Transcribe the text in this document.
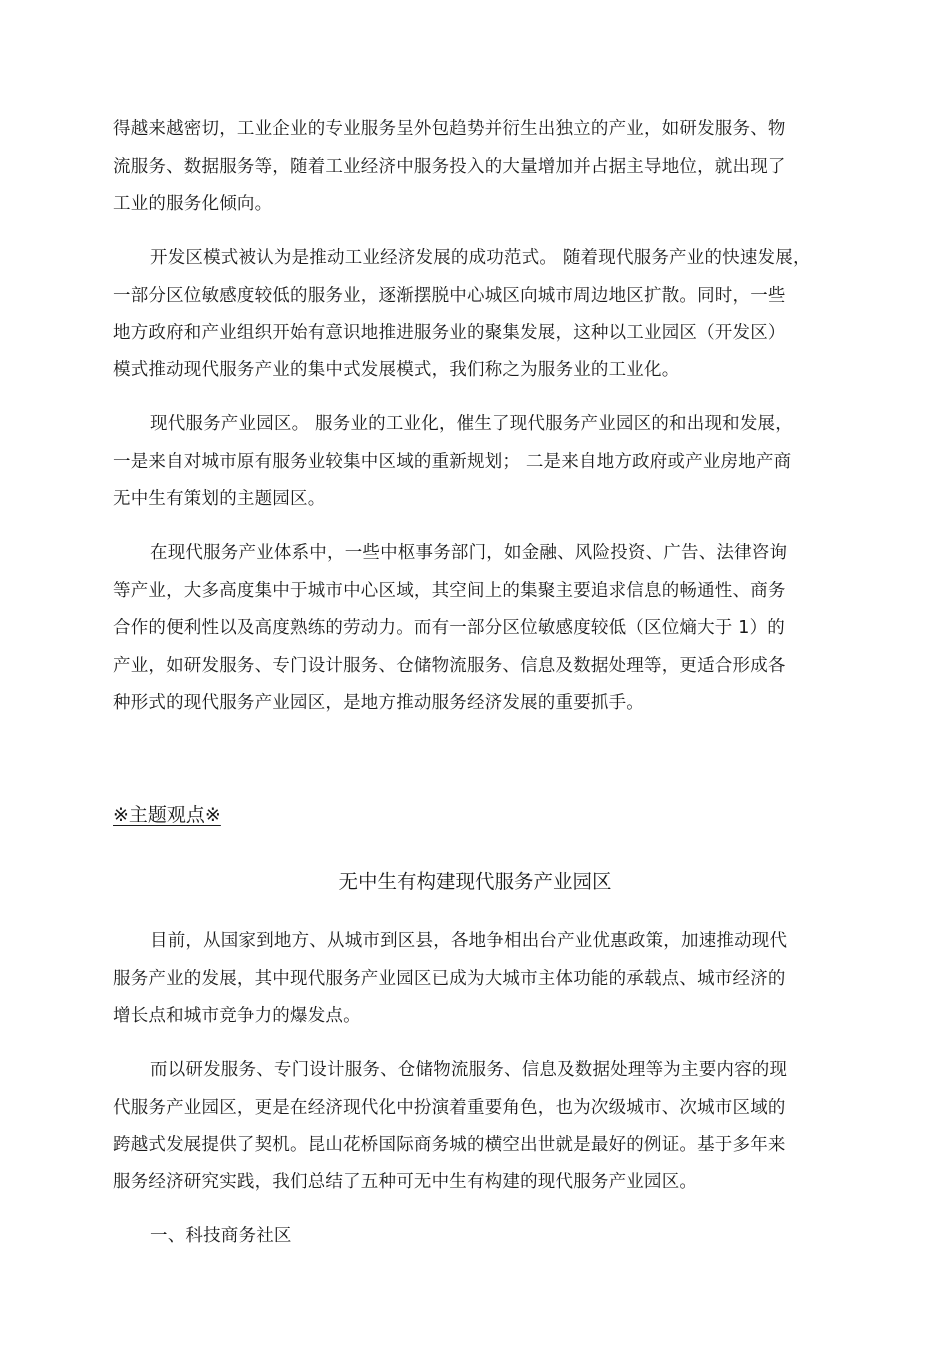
得越来越密切，工业企业的专业服务呈外包趋势并衍生出独立的产业，如研发服务、物
流服务、数据服务等，随着工业经济中服务投入的大量增加并占据主导地位，就出现了
工业的服务化倾向。
开发区模式被认为是推动工业经济发展的成功范式。 随着现代服务产业的快速发展，
一部分区位敏感度较低的服务业，逐渐摆脱中心城区向城市周边地区扩散。同时，一些
地方政府和产业组织开始有意识地推进服务业的聚集发展，这种以工业园区（开发区）
模式推动现代服务产业的集中式发展模式，我们称之为服务业的工业化。
现代服务产业园区。 服务业的工业化，催生了现代服务产业园区的和出现和发展，
一是来自对城市原有服务业较集中区域的重新规划； 二是来自地方政府或产业房地产商
无中生有策划的主题园区。
在现代服务产业体系中，一些中枢事务部门，如金融、风险投资、广告、法律咨询
等产业，大多高度集中于城市中心区域，其空间上的集聚主要追求信息的畅通性、商务
合作的便利性以及高度熟练的劳动力。而有一部分区位敏感度较低（区位熵大于 1）的
产业，如研发服务、专门设计服务、仓储物流服务、信息及数据处理等，更适合形成各
种形式的现代服务产业园区，是地方推动服务经济发展的重要抓手。
※主题观点※
无中生有构建现代服务产业园区
目前，从国家到地方、从城市到区县，各地争相出台产业优惠政策，加速推动现代
服务产业的发展，其中现代服务产业园区已成为大城市主体功能的承载点、城市经济的
增长点和城市竞争力的爆发点。
而以研发服务、专门设计服务、仓储物流服务、信息及数据处理等为主要内容的现
代服务产业园区，更是在经济现代化中扮演着重要角色，也为次级城市、次城市区域的
跨越式发展提供了契机。昆山花桥国际商务城的横空出世就是最好的例证。基于多年来
服务经济研究实践，我们总结了五种可无中生有构建的现代服务产业园区。
一、科技商务社区
